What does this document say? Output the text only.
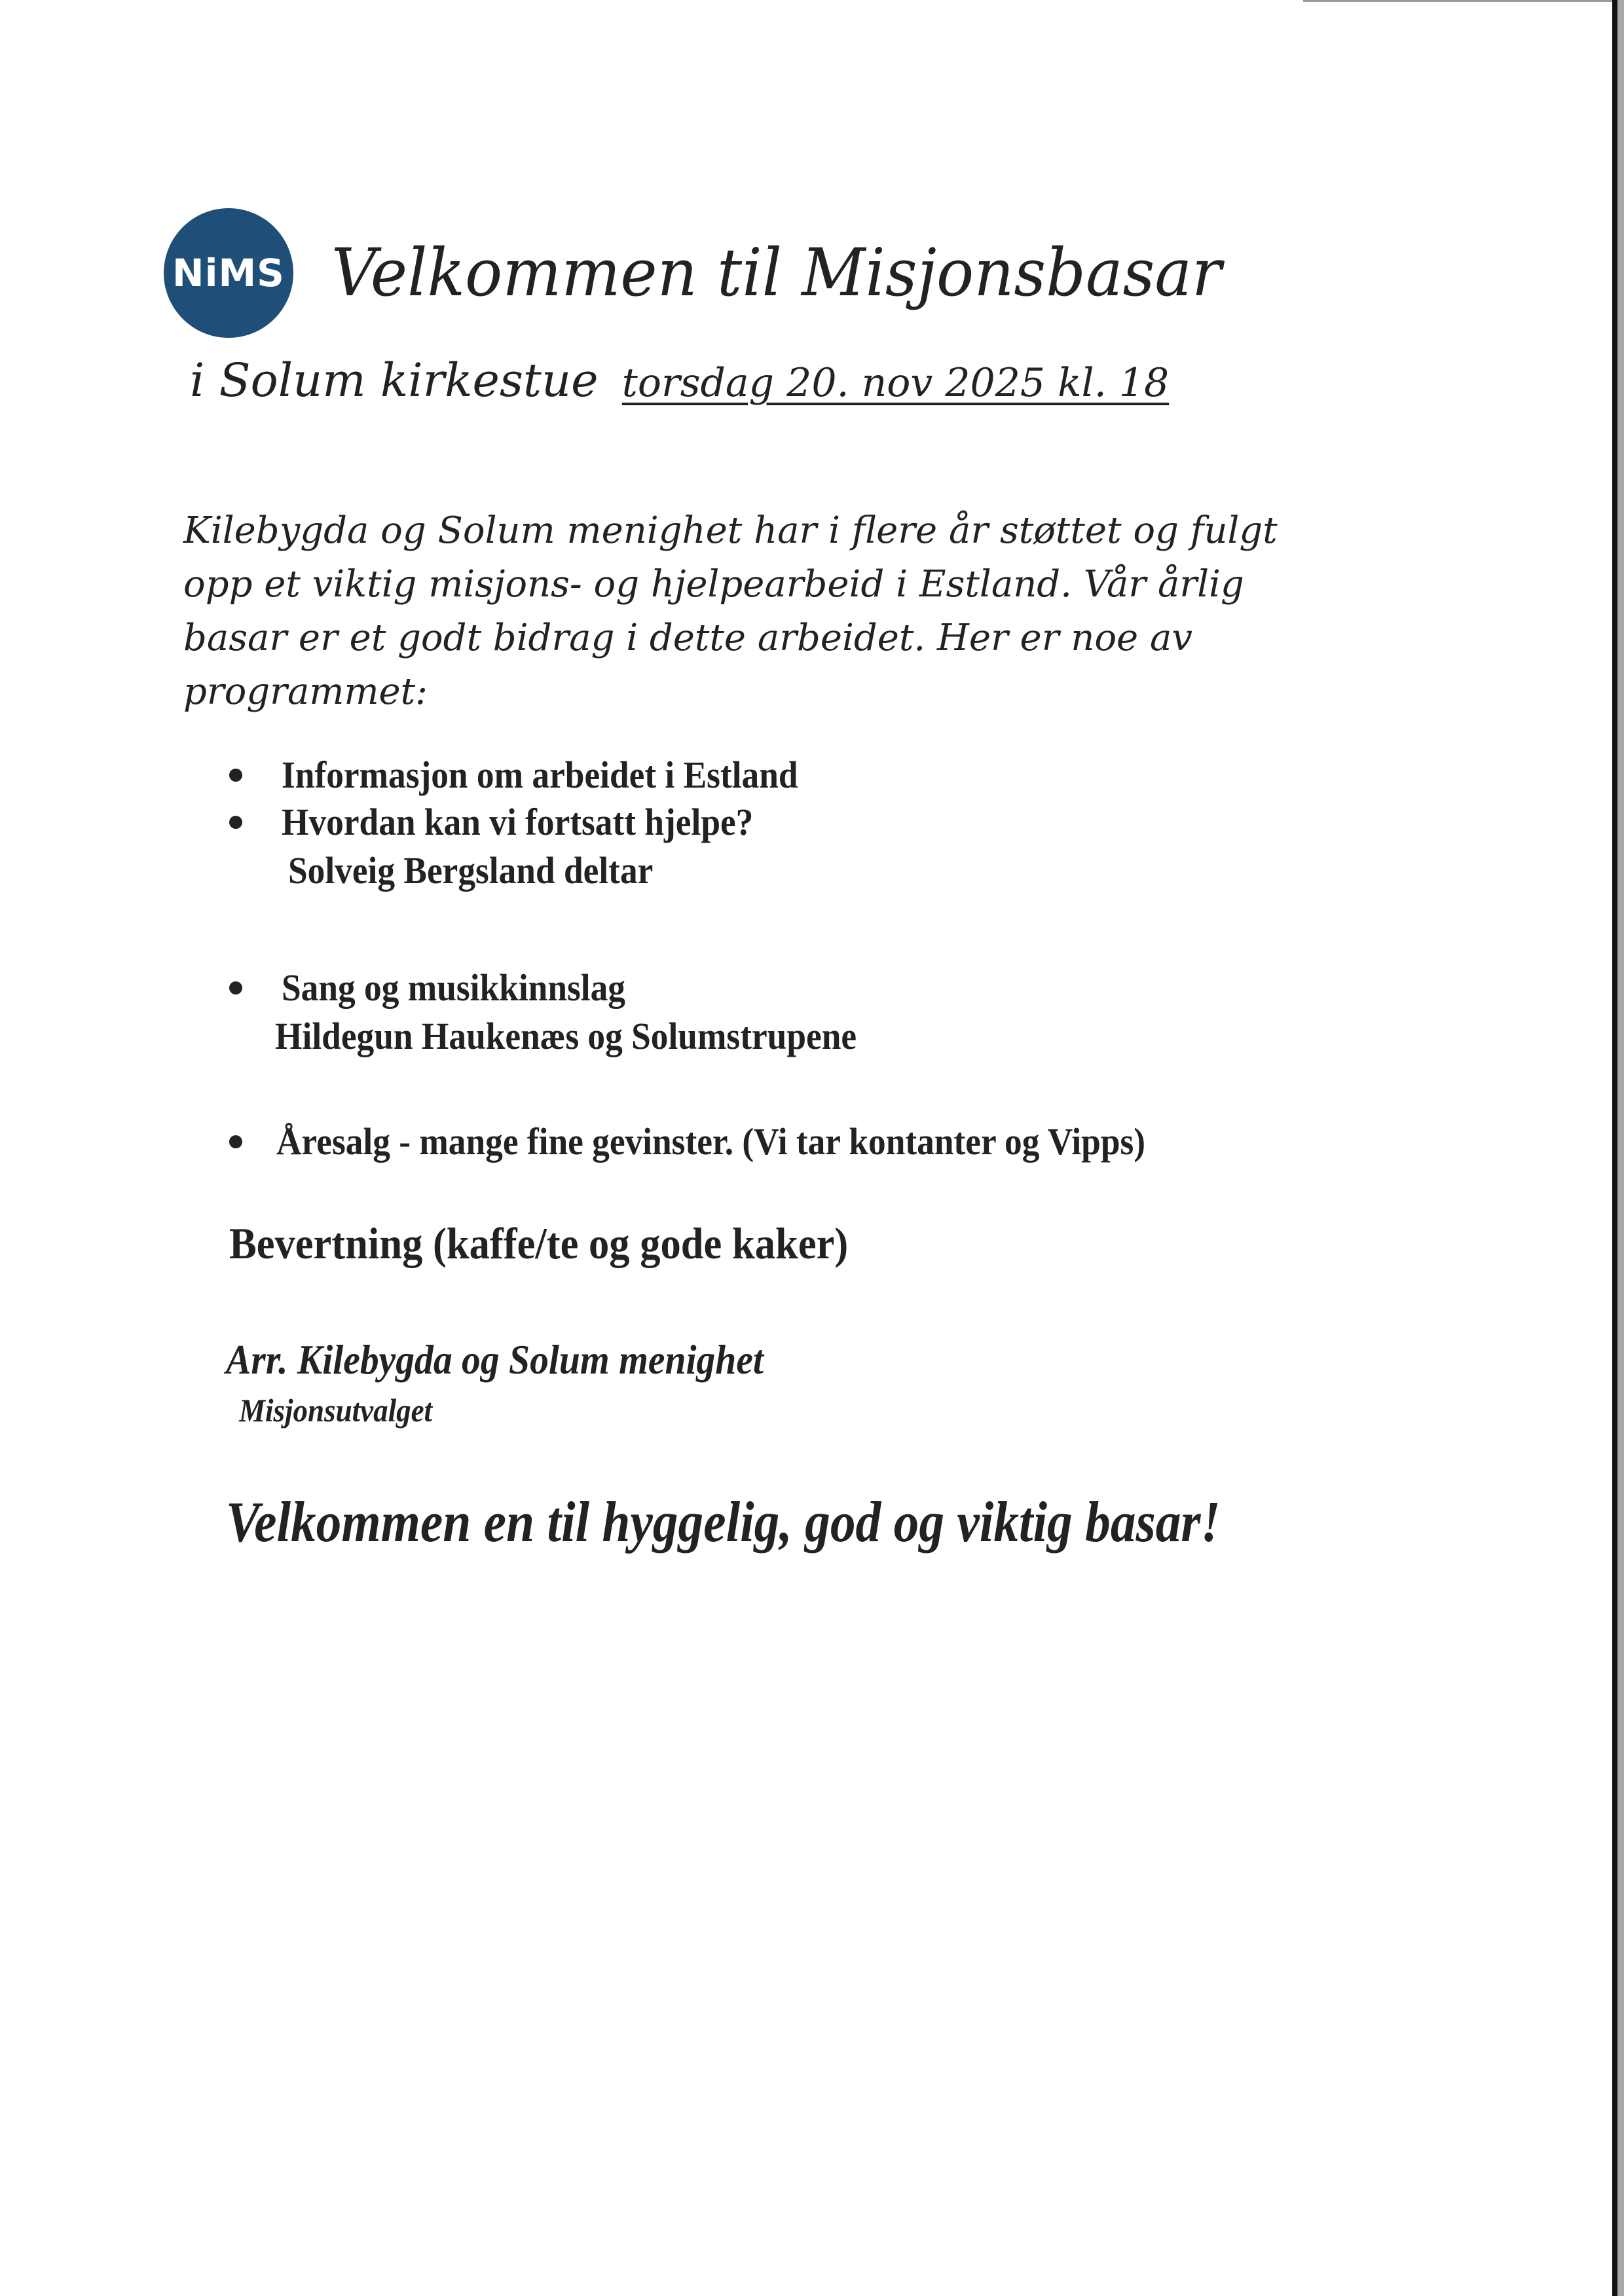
NiMS Velkommen til Misjonsbasar
i Solum kirkestue torsdag 20. nov 2025 kl. 18
Kilebygda og Solum menighet har i flere år støttet og fulgt
opp et viktig misjons- og hjelpearbeid i Estland. Vår årlig
basar er et godt bidrag i dette arbeidet. Her er noe av
programmet:
Informasjon om arbeidet i Estland
Hvordan kan vi fortsatt hjelpe?
Solveig Bergsland deltar
Sang og musikkinnslag
Hildegun Haukenæs og Solumstrupene
Åresalg - mange fine gevinster. (Vi tar kontanter og Vipps)
Bevertning (kaffe/te og gode kaker)
Arr. Kilebygda og Solum menighet
Misjonsutvalget
Velkommen en til hyggelig, god og viktig basar!
